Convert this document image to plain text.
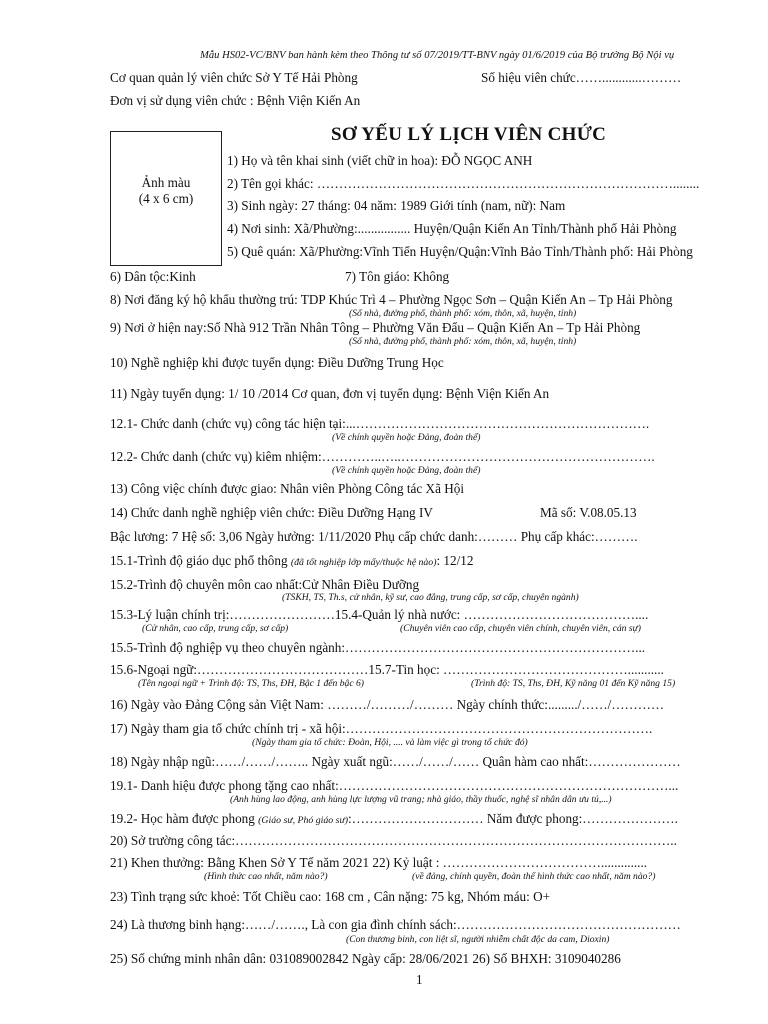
Mẫu HS02-VC/BNV ban hành kèm theo Thông tư số 07/2019/TT-BNV ngày 01/6/2019 của Bộ trưởng Bộ Nội vụ
Cơ quan quản lý viên chức Sở Y Tế Hải Phòng	Số hiệu viên chức……............………
Đơn vị sử dụng viên chức : Bệnh Viện Kiến An
SƠ YẾU LÝ LỊCH VIÊN CHỨC
Ảnh màu
(4 x 6 cm)
1) Họ và tên khai sinh (viết chữ in hoa): ĐỖ NGỌC ANH
2) Tên gọi khác: ………………………………………………………………………........
3) Sinh ngày: 27 tháng: 04 năm: 1989 Giới tính (nam, nữ): Nam
4) Nơi sinh: Xã/Phường:................ Huyện/Quận Kiến An Tỉnh/Thành phố Hải Phòng
5) Quê quán: Xã/Phường:Vĩnh Tiến Huyện/Quận:Vĩnh Bảo Tỉnh/Thành phố: Hải Phòng
6) Dân tộc:Kinh	7) Tôn giáo: Không
8) Nơi đăng ký hộ khẩu thường trú: TDP Khúc Trì 4 – Phường Ngọc Sơn – Quận Kiến An – Tp Hải Phòng
(Số nhà, đường phố, thành phố: xóm, thôn, xã, huyện, tỉnh)
9) Nơi ở hiện nay:Số Nhà 912 Trần Nhân Tông – Phường Văn Đẩu – Quận Kiến An – Tp Hải Phòng
(Số nhà, đường phố, thành phố: xóm, thôn, xã, huyện, tỉnh)
10) Nghề nghiệp khi được tuyển dụng: Điều Dưỡng Trung Học
11) Ngày tuyển dụng: 1/ 10 /2014 Cơ quan, đơn vị tuyển dụng: Bệnh Viện Kiến An
12.1- Chức danh (chức vụ) công tác hiện tại:...………………………………………………………….
(Về chính quyền hoặc Đảng, đoàn thể)
12.2- Chức danh (chức vụ) kiêm nhiệm:…………..…..………………………………………………….
(Về chính quyền hoặc Đảng, đoàn thể)
13) Công việc chính được giao: Nhân viên Phòng Công tác Xã Hội
14) Chức danh nghề nghiệp viên chức: Điều Dưỡng Hạng IV	Mã số: V.08.05.13
Bậc lương: 7 Hệ số: 3,06 Ngày hưởng: 1/11/2020 Phụ cấp chức danh:……… Phụ cấp khác:……….
15.1-Trình độ giáo dục phổ thông (đã tốt nghiệp lớp mấy/thuộc hệ nào): 12/12
15.2-Trình độ chuyên môn cao nhất:Cử Nhân Điều Dưỡng
(TSKH, TS, Th.s, cử nhân, kỹ sư, cao đẳng, trung cấp, sơ cấp, chuyên ngành)
15.3-Lý luận chính trị:……………………15.4-Quản lý nhà nước: …………………………………....
(Cử nhân, cao cấp, trung cấp, sơ cấp)	(Chuyên viên cao cấp, chuyên viên chính, chuyên viên, cán sự)
15.5-Trình độ nghiệp vụ theo chuyên ngành:…………………………………………………………...
15.6-Ngoại ngữ:…………………………………15.7-Tin học: ……………………………………...........
(Tên ngoại ngữ + Trình độ: TS, Ths, ĐH, Bậc 1 đến bậc 6)	(Trình độ: TS, Ths, ĐH, Kỹ năng 01 đến Kỹ năng 15)
16) Ngày vào Đảng Cộng sản Việt Nam: ………/………/……… Ngày chính thức:........./……/…………
17) Ngày tham gia tổ chức chính trị - xã hội:…………………………………………………………….
(Ngày tham gia tổ chức: Đoàn, Hội, .... và làm việc gì trong tổ chức đó)
18) Ngày nhập ngũ:……/……/…….. Ngày xuất ngũ:……/……/…… Quân hàm cao nhất:…………………
19.1- Danh hiệu được phong tặng cao nhất:…………………………………………………………………...
(Anh hùng lao động, anh hùng lực lượng vũ trang; nhà giáo, thầy thuốc, nghệ sĩ nhân dân ưu tú,...)
19.2- Học hàm được phong (Giáo sư, Phó giáo sư):………………………… Năm được phong:………………….
20) Sở trường công tác:………………………………………………………………………………………..
21) Khen thưởng: Bằng Khen Sở Y Tế năm 2021 22) Kỷ luật : ………………………………..............
(Hình thức cao nhất, năm nào?)	(về đảng, chính quyền, đoàn thể hình thức cao nhất, năm nào?)
23) Tình trạng sức khoẻ: Tốt Chiều cao: 168 cm , Cân nặng: 75 kg, Nhóm máu: O+
24) Là thương binh hạng:……/……., Là con gia đình chính sách:……………………………………………
(Con thương binh, con liệt sĩ, người nhiễm chất độc da cam, Dioxin)
25) Số chứng minh nhân dân: 031089002842 Ngày cấp: 28/06/2021 26) Số BHXH: 3109040286
1
